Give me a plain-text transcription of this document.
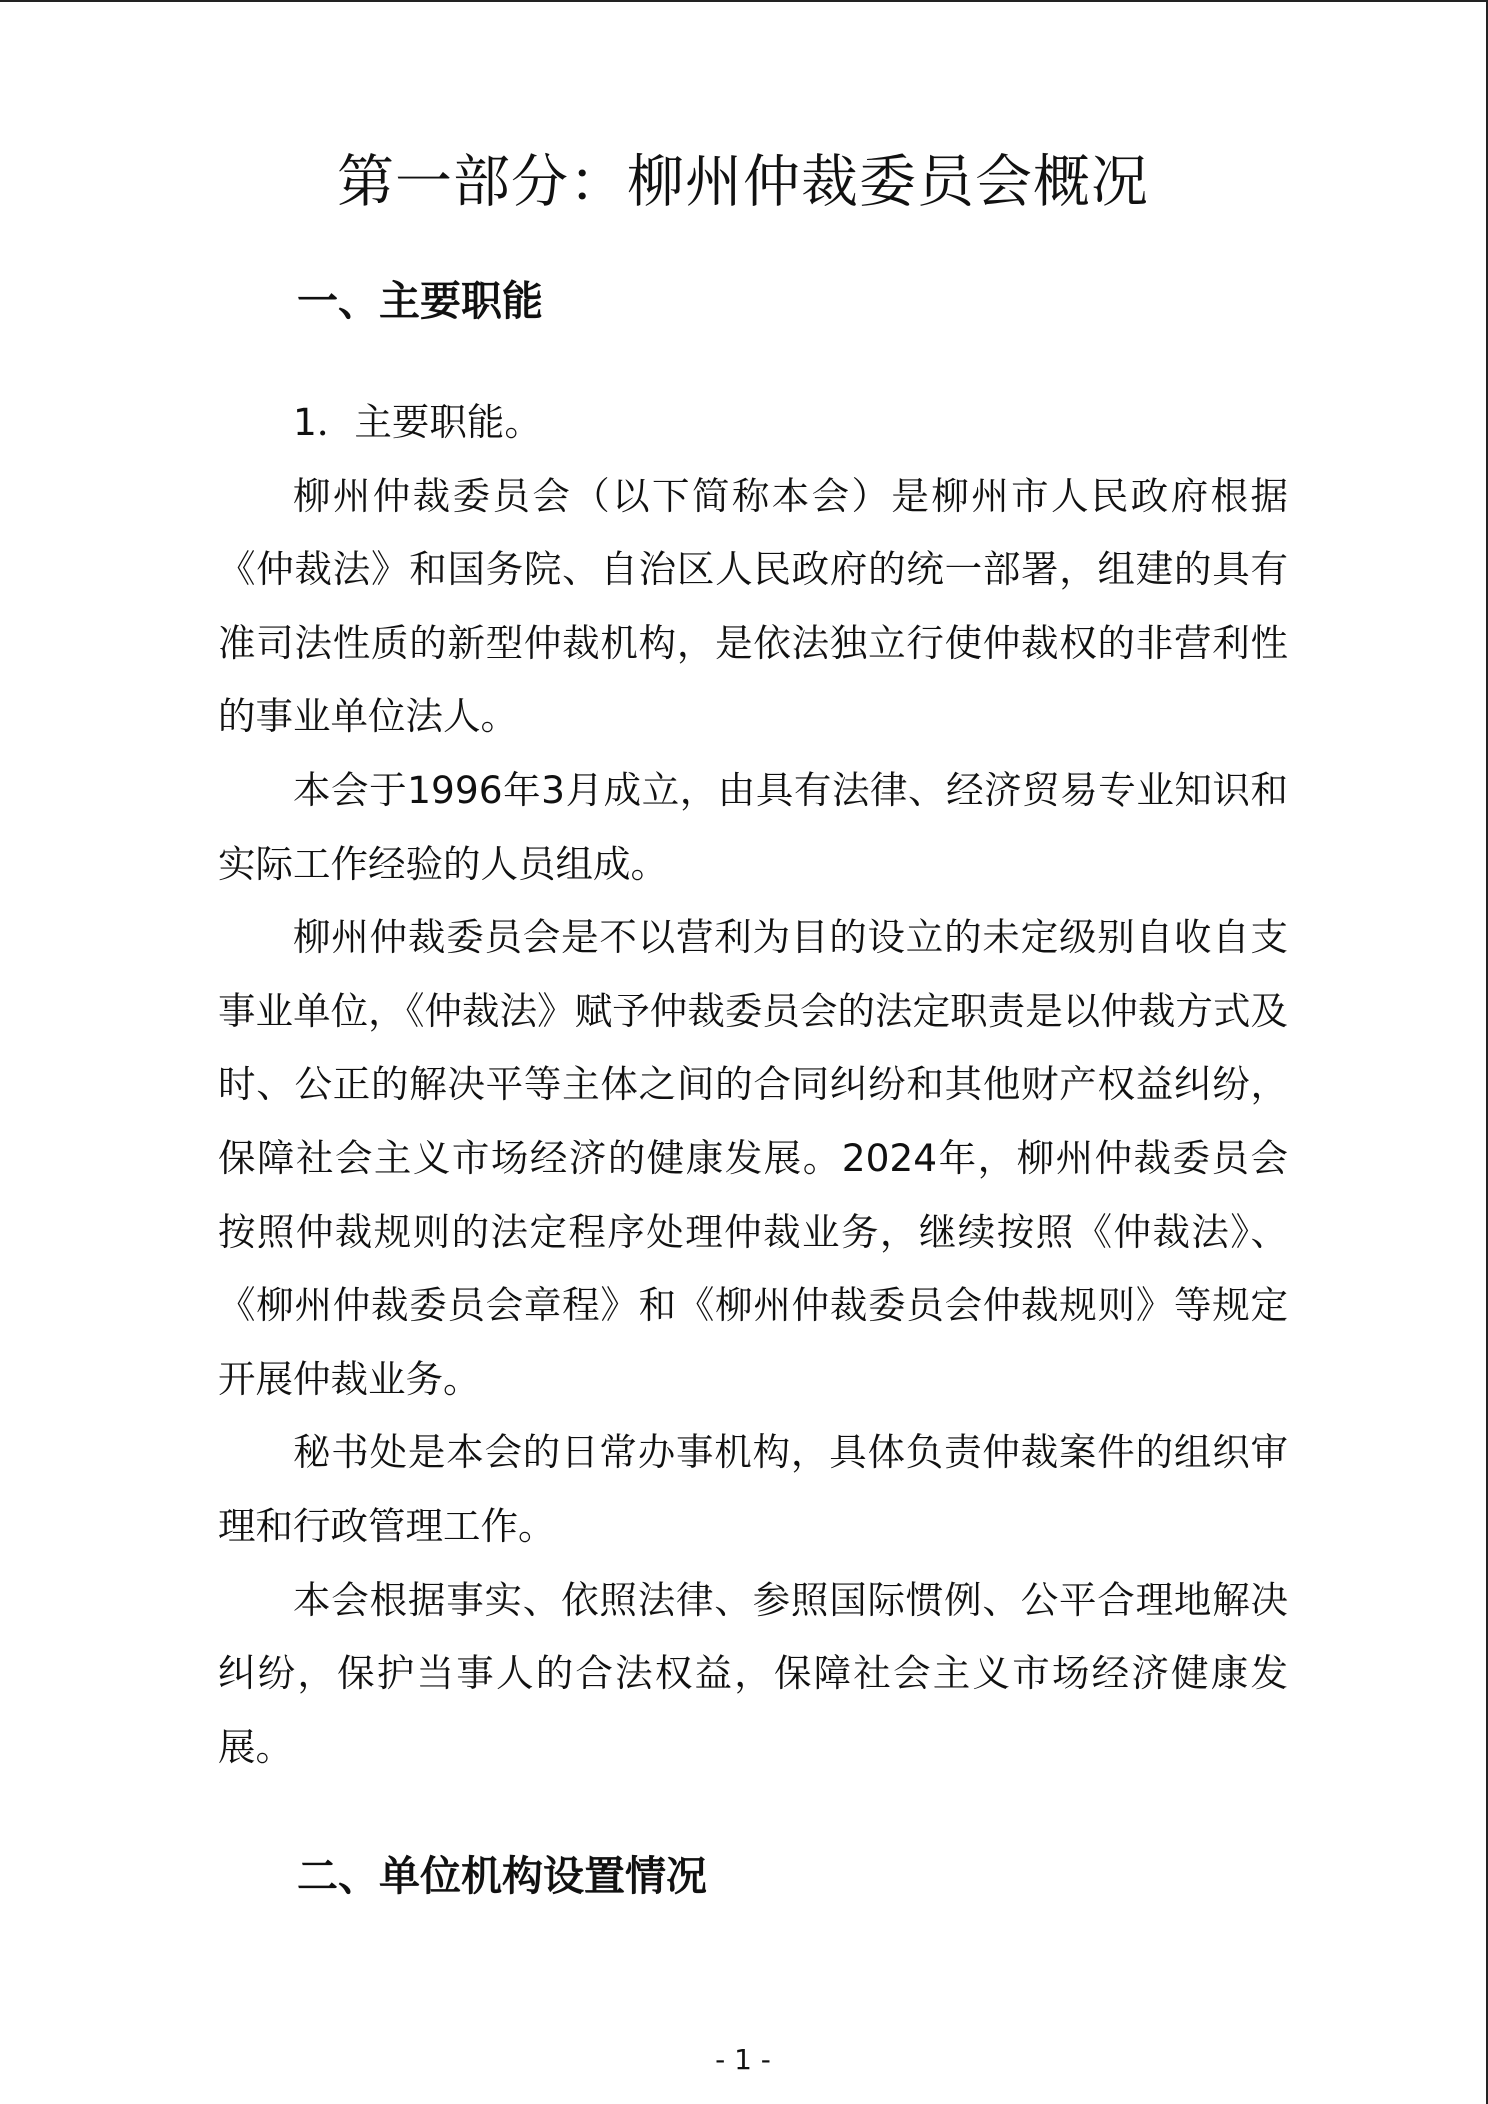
第一部分：柳州仲裁委员会概况
一、主要职能

1．主要职能。

柳州仲裁委员会（以下简称本会）是柳州市人民政府根据《仲裁法》和国务院、自治区人民政府的统一部署，组建的具有准司法性质的新型仲裁机构，是依法独立行使仲裁权的非营利性的事业单位法人。

本会于1996年3月成立，由具有法律、经济贸易专业知识和实际工作经验的人员组成。

柳州仲裁委员会是不以营利为目的设立的未定级别自收自支事业单位，《仲裁法》赋予仲裁委员会的法定职责是以仲裁方式及时、公正的解决平等主体之间的合同纠纷和其他财产权益纠纷，保障社会主义市场经济的健康发展。2024年，柳州仲裁委员会按照仲裁规则的法定程序处理仲裁业务，继续按照《仲裁法》、《柳州仲裁委员会章程》和《柳州仲裁委员会仲裁规则》等规定开展仲裁业务。

秘书处是本会的日常办事机构，具体负责仲裁案件的组织审理和行政管理工作。

本会根据事实、依照法律、参照国际惯例、公平合理地解决纠纷，保护当事人的合法权益，保障社会主义市场经济健康发展。

二、单位机构设置情况
- 1 -
